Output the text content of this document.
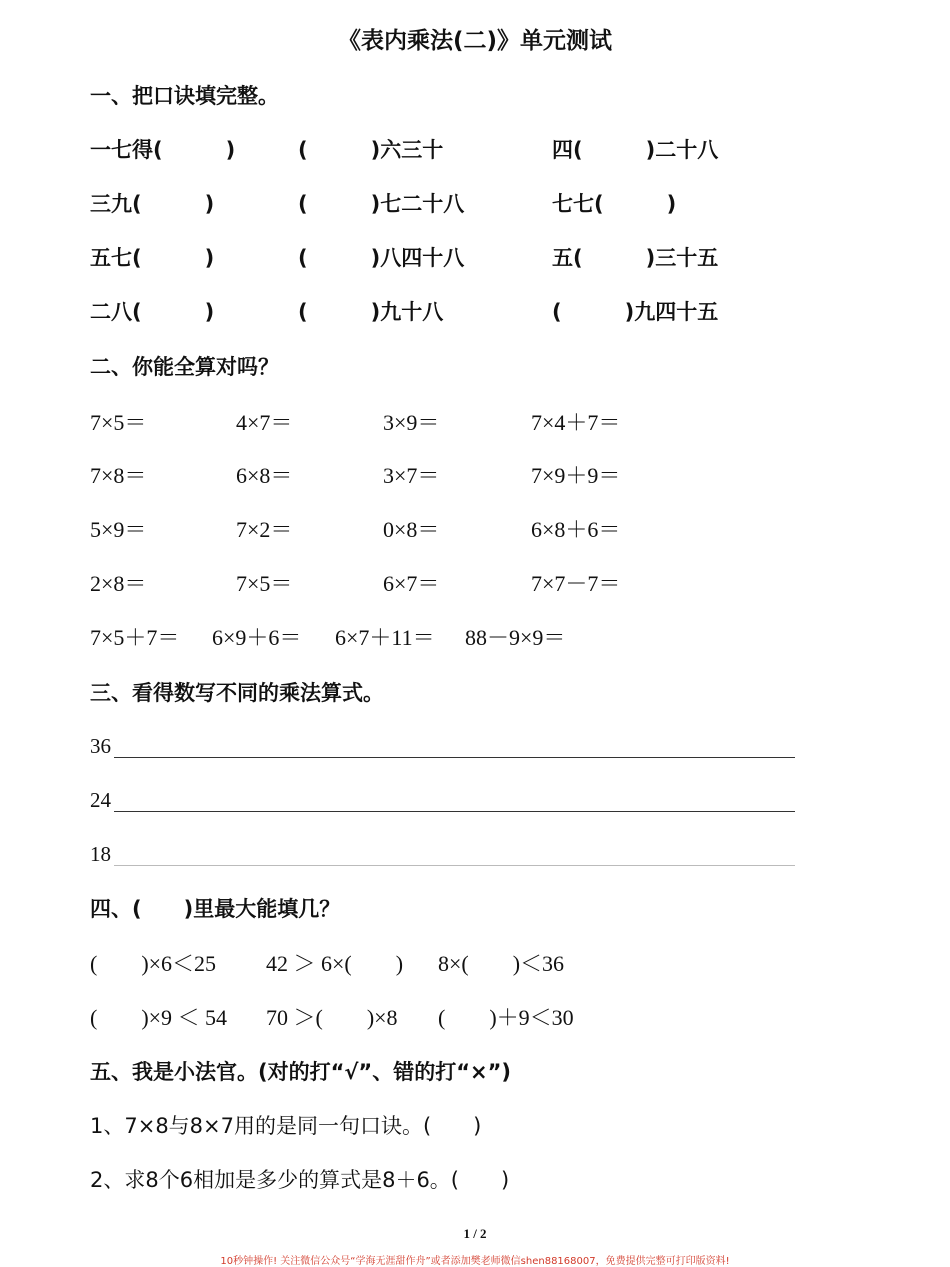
《表内乘法(二)》单元测试
一、把口诀填完整。
一七得(　　　)	(　　　)六三十	四(　　　)二十八
三九(　　　)	(　　　)七二十八	七七(　　　)
五七(　　　)	(　　　)八四十八	五(　　　)三十五
二八(　　　)	(　　　)九十八	(　　　)九四十五
二、你能全算对吗？
7×5＝	4×7＝	3×9＝	7×4＋7＝
7×8＝	6×8＝	3×7＝	7×9＋9＝
5×9＝	7×2＝	0×8＝	6×8＋6＝
2×8＝	7×5＝	6×7＝	7×7－7＝
7×5＋7＝ 6×9＋6＝ 6×7＋11＝ 88－9×9＝
三、看得数写不同的乘法算式。
36
24
18
四、(　　)里最大能填几？
(　　)×6＜25 42 ＞ 6×(　　) 8×(　　)＜36
(　　)×9 ＜ 54 70 ＞(　　)×8 (　　)＋9＜30
五、我是小法官。(对的打“√”、错的打“×”)
1、7×8与8×7用的是同一句口诀。(　　)
2、求8个6相加是多少的算式是8＋6。(　　)
1 / 2
10秒钟操作! 关注微信公众号“学海无涯甜作舟”或者添加樊老师微信shen88168007，免费提供完整可打印版资料!
